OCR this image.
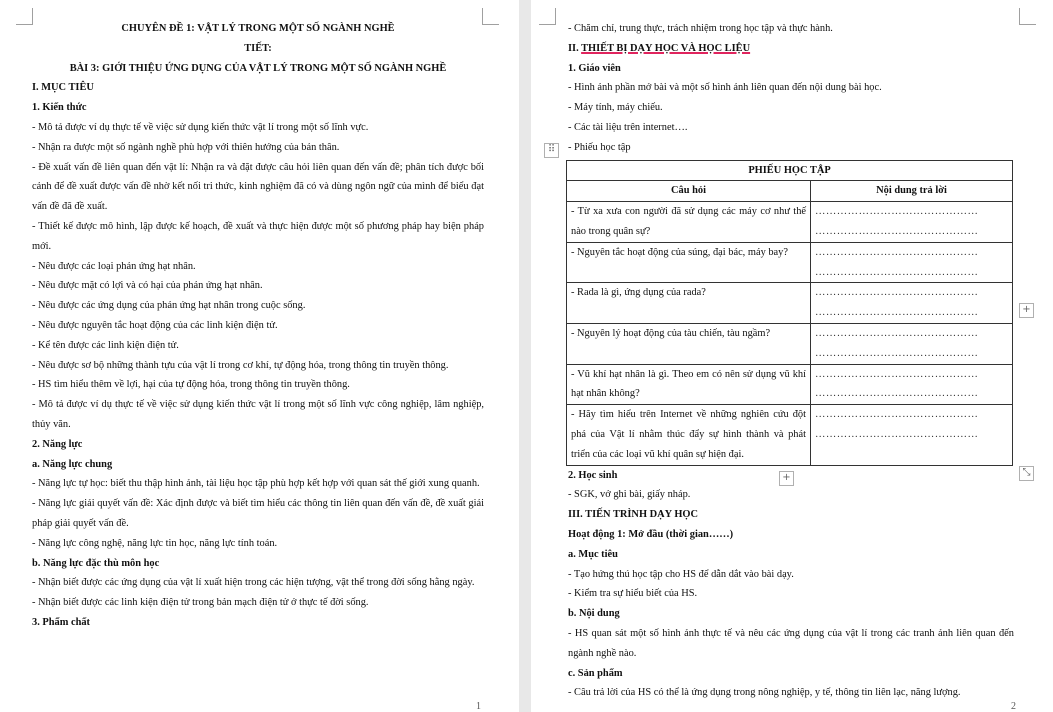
CHUYÊN ĐỀ 1: VẬT LÝ TRONG MỘT SỐ NGÀNH NGHỀ
TIẾT:
BÀI 3: GIỚI THIỆU ỨNG DỤNG CỦA VẬT LÝ TRONG MỘT SỐ NGÀNH NGHỀ
I. MỤC TIÊU
1. Kiến thức
- Mô tả được ví dụ thực tế về việc sử dụng kiến thức vật lí trong một số lĩnh vực.
- Nhận ra được một số ngành nghề phù hợp với thiên hướng của bản thân.
- Đề xuất vấn đề liên quan đến vật lí: Nhận ra và đặt được câu hỏi liên quan đến vấn đề; phân tích được bối cảnh để đề xuất được vấn đề nhờ kết nối tri thức, kinh nghiệm đã có và dùng ngôn ngữ của mình để biểu đạt vấn đề đã đề xuất.
- Thiết kế được mô hình, lập được kế hoạch, đề xuất và thực hiện được một số phương pháp hay biện pháp mới.
- Nêu được các loại phản ứng hạt nhân.
- Nêu được mặt có lợi và có hại của phản ứng hạt nhân.
- Nêu được các ứng dụng của phản ứng hạt nhân trong cuộc sống.
- Nêu được nguyên tắc hoạt động của các linh kiện điện tử.
- Kể tên được các linh kiện điện tử.
- Nêu được sơ bộ những thành tựu của vật lí trong cơ khí, tự động hóa, trong thông tin truyền thông.
- HS tìm hiểu thêm về lợi, hại của tự động hóa, trong thông tin truyền thông.
- Mô tả được ví dụ thực tế về việc sử dụng kiến thức vật lí trong một số lĩnh vực công nghiệp, lâm nghiệp, thủy văn.
2. Năng lực
a. Năng lực chung
- Năng lực tự học: biết thu thập hình ảnh, tài liệu học tập phù hợp kết hợp với quan sát thế giới xung quanh.
- Năng lực giải quyết vấn đề: Xác định được và biết tìm hiểu các thông tin liên quan đến vấn đề, đề xuất giải pháp giải quyết vấn đề.
- Năng lực công nghệ, năng lực tin học, năng lực tính toán.
b. Năng lực đặc thù môn học
- Nhận biết được các ứng dụng của vật lí xuất hiện trong các hiện tượng, vật thể trong đời sống hằng ngày.
- Nhận biết được các linh kiện điện tử trong bản mạch điện tử ở thực tế đời sống.
3. Phẩm chất
1
- Chăm chỉ, trung thực, trách nhiệm trong học tập và thực hành.
II. THIẾT BỊ DẠY HỌC VÀ HỌC LIỆU
1. Giáo viên
- Hình ảnh phần mở bài và một số hình ảnh liên quan đến nội dung bài học.
- Máy tính, máy chiếu.
- Các tài liệu trên internet….
- Phiếu học tập
PHIẾU HỌC TẬP	
Câu hỏi	Nội dung trả lời
- Từ xa xưa con người đã sử dụng các máy cơ như thế nào trong quân sự?	………………………………………
………………………………………

- Nguyên tắc hoạt động của súng, đại bác, máy bay?	………………………………………
………………………………………

- Rada là gì, ứng dụng của rada?	………………………………………
………………………………………

- Nguyên lý hoạt động của tàu chiến, tàu ngầm?	………………………………………
………………………………………

- Vũ khí hạt nhân là gì. Theo em có nên sử dụng vũ khí hạt nhân không?	………………………………………
………………………………………

- Hãy tìm hiểu trên Internet về những nghiên cứu đột phá của Vật lí nhằm thúc đẩy sự hình thành và phát triển của các loại vũ khí quân sự hiện đại.	………………………………………
………………………………………
2. Học sinh
- SGK, vở ghi bài, giấy nháp.
III. TIẾN TRÌNH DẠY HỌC
Hoạt động 1: Mở đầu (thời gian……)
a. Mục tiêu
- Tạo hứng thú học tập cho HS để dẫn dắt vào bài dạy.
- Kiểm tra sự hiểu biết của HS.
b. Nội dung
- HS quan sát một số hình ảnh thực tế và nêu các ứng dụng của vật lí trong các tranh ảnh liên quan đến ngành nghề nào.
c. Sản phẩm
- Câu trả lời của HS có thể là ứng dụng trong nông nghiệp, y tế, thông tin liên lạc, năng lượng.
⠿
+
+	⤡
2
